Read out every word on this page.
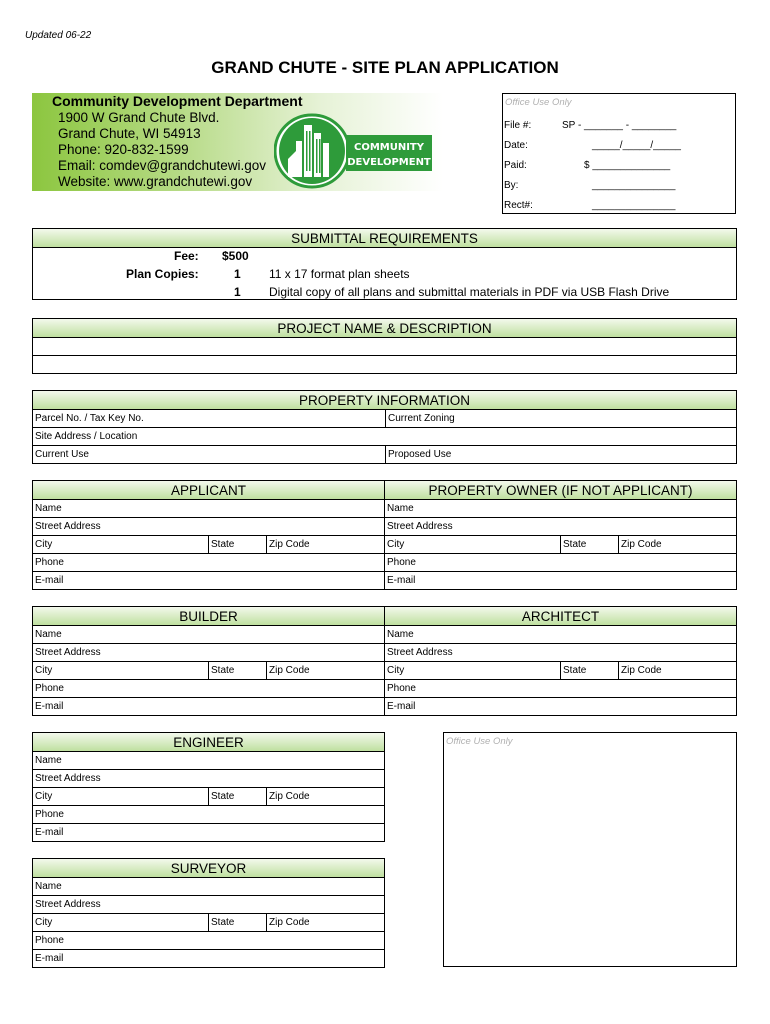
Updated 06-22
GRAND CHUTE - SITE PLAN APPLICATION
Community Development Department
1900 W Grand Chute Blvd.
Grand Chute, WI 54913
Phone: 920-832-1599
Email: comdev@grandchutewi.gov
Website: www.grandchutewi.gov
COMMUNITY
DEVELOPMENT
Office Use Only
File #:	SP - _______ - ________
Date:	_____/_____/_____
Paid:	$ ______________
By:	_______________
Rect#:	_______________
SUBMITTAL REQUIREMENTS
Fee: $500
Plan Copies:	1 11 x 17 format plan sheets
1 Digital copy of all plans and submittal materials in PDF via USB Flash Drive
PROJECT NAME & DESCRIPTION
PROPERTY INFORMATION
Parcel No. / Tax Key No.	Current Zoning
Site Address / Location
Current Use	Proposed Use
APPLICANT
Name
Street Address
City	State	Zip Code
Phone
E-mail
PROPERTY OWNER (IF NOT APPLICANT)
Name
Street Address
City	State	Zip Code
Phone
E-mail
BUILDER
Name
Street Address
City	State	Zip Code
Phone
E-mail
ARCHITECT
Name
Street Address
City	State	Zip Code
Phone
E-mail
ENGINEER
Name
Street Address
City	State	Zip Code
Phone
E-mail
SURVEYOR
Name
Street Address
City	State	Zip Code
Phone
E-mail
Office Use Only
